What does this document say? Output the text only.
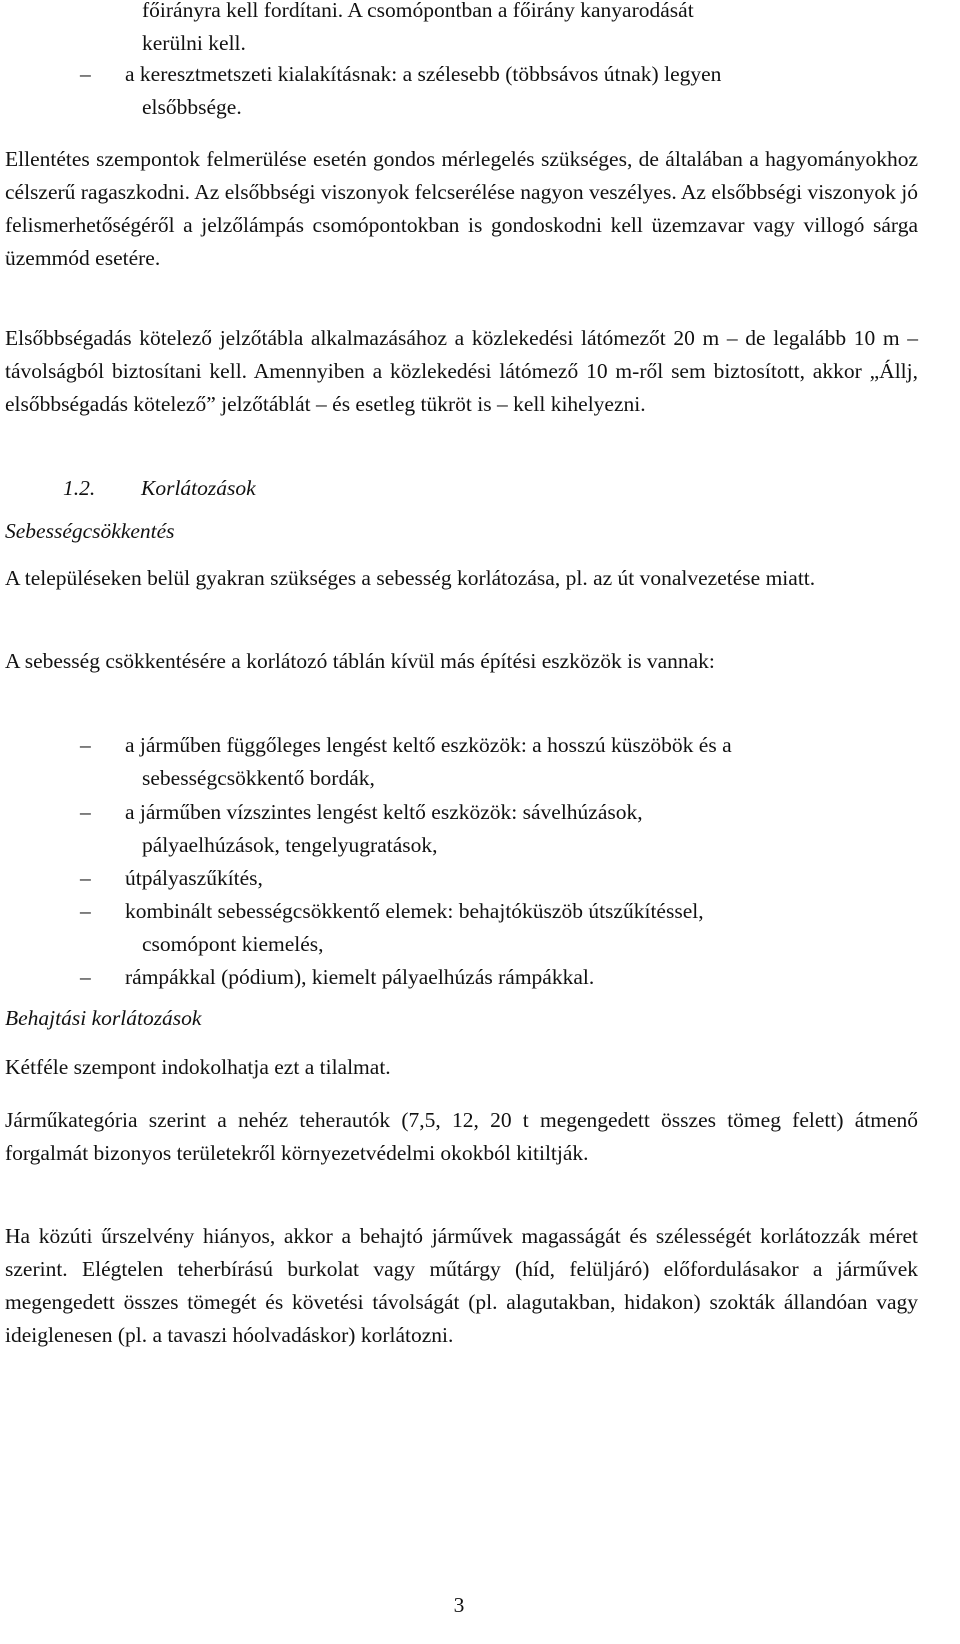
főirányra kell fordítani. A csomópontban a főirány kanyarodását
kerülni kell.
–	a keresztmetszeti kialakításnak: a szélesebb (többsávos útnak) legyen
elsőbbsége.

Ellentétes szempontok felmerülése esetén gondos mérlegelés szükséges, de általában a hagyományokhoz célszerű ragaszkodni. Az elsőbbségi viszonyok felcserélése nagyon veszélyes. Az elsőbbségi viszonyok jó felismerhetőségéről a jelzőlámpás csomópontokban is gondoskodni kell üzemzavar vagy villogó sárga üzemmód esetére.

Elsőbbségadás kötelező jelzőtábla alkalmazásához a közlekedési látómezőt 20 m – de legalább 10 m – távolságból biztosítani kell. Amennyiben a közlekedési látómező 10 m-ről sem biztosított, akkor „Állj, elsőbbségadás kötelező” jelzőtáblát – és esetleg tükröt is – kell kihelyezni.

1.2. Korlátozások
Sebességcsökkentés

A településeken belül gyakran szükséges a sebesség korlátozása, pl. az út vonalvezetése miatt.

A sebesség csökkentésére a korlátozó táblán kívül más építési eszközök is vannak:

–	a járműben függőleges lengést keltő eszközök: a hosszú küszöbök és a
sebességcsökkentő bordák,
–	a járműben vízszintes lengést keltő eszközök: sávelhúzások,
pályaelhúzások, tengelyugratások,
–	útpályaszűkítés,
–	kombinált sebességcsökkentő elemek: behajtóküszöb útszűkítéssel,
csomópont kiemelés,
–	rámpákkal (pódium), kiemelt pályaelhúzás rámpákkal.
Behajtási korlátozások

Kétféle szempont indokolhatja ezt a tilalmat.

Járműkategória szerint a nehéz teherautók (7,5, 12, 20 t megengedett összes tömeg felett) átmenő forgalmát bizonyos területekről környezetvédelmi okokból kitiltják.

Ha közúti űrszelvény hiányos, akkor a behajtó járművek magasságát és szélességét korlátozzák méret szerint. Elégtelen teherbírású burkolat vagy műtárgy (híd, felüljáró) előfordulásakor a járművek megengedett összes tömegét és követési távolságát (pl. alagutakban, hidakon) szokták állandóan vagy ideiglenesen (pl. a tavaszi hóolvadáskor) korlátozni.

3
